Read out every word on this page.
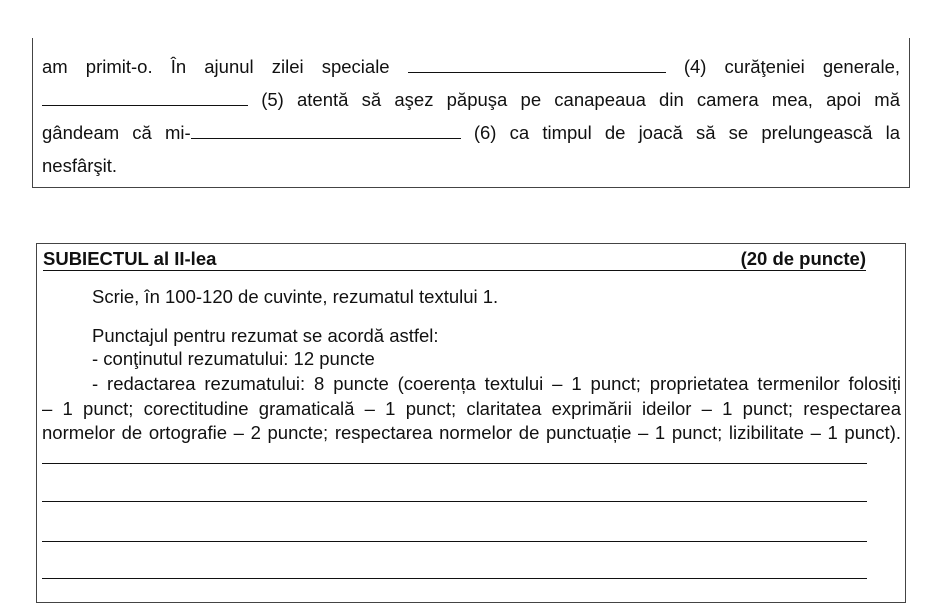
am primit-o. În ajunul zilei speciale	(4) curăţeniei generale,
(5) atentă să aşez păpuşa pe canapeaua din camera mea, apoi mă
gândeam că mi-	(6) ca timpul de joacă să se prelungească la
nesfârşit.
SUBIECTUL al II-lea	(20 de puncte)
Scrie, în 100-120 de cuvinte, rezumatul textului 1.
Punctajul pentru rezumat se acordă astfel:
- conţinutul rezumatului: 12 puncte
- redactarea rezumatului: 8 puncte (coerența textului – 1 punct; proprietatea termenilor folosiți
– 1 punct; corectitudine gramaticală – 1 punct; claritatea exprimării ideilor – 1 punct; respectarea
normelor de ortografie – 2 puncte; respectarea normelor de punctuație – 1 punct; lizibilitate – 1 punct).
